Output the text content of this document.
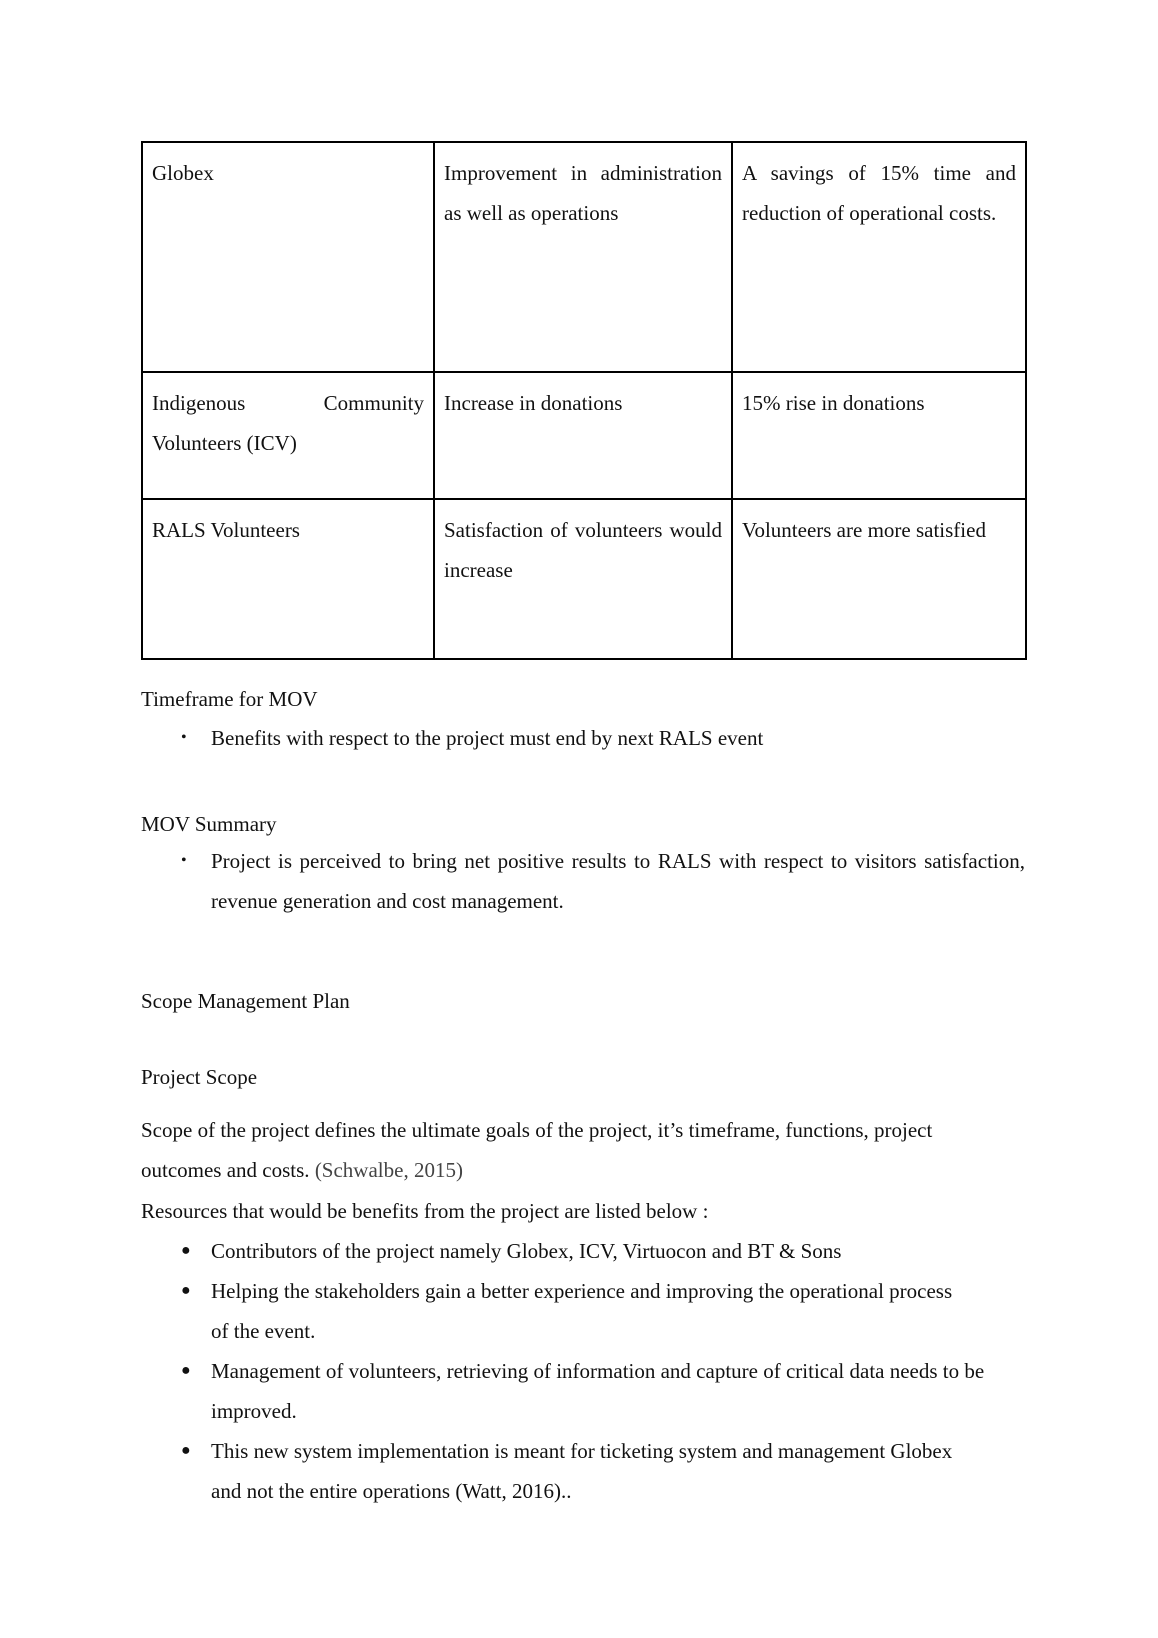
Globex	Improvement in administration as well as operations	A savings of 15% time and reduction of operational costs.
Indigenous Community Volunteers (ICV)	Increase in donations	15% rise in donations
RALS Volunteers	Satisfaction of volunteers would increase	Volunteers are more satisfied
Timeframe for MOV
• Benefits with respect to the project must end by next RALS event
MOV Summary
• Project is perceived to bring net positive results to RALS with respect to visitors satisfaction, revenue generation and cost management.
Scope Management Plan
Project Scope

Scope of the project defines the ultimate goals of the project, it’s timeframe, functions, project outcomes and costs. (Schwalbe, 2015)

Resources that would be benefits from the project are listed below :

● Contributors of the project namely Globex, ICV, Virtuocon and BT & Sons
● Helping the stakeholders gain a better experience and improving the operational process of the event.
● Management of volunteers, retrieving of information and capture of critical data needs to be improved.
● This new system implementation is meant for ticketing system and management Globex and not the entire operations (Watt, 2016)..
